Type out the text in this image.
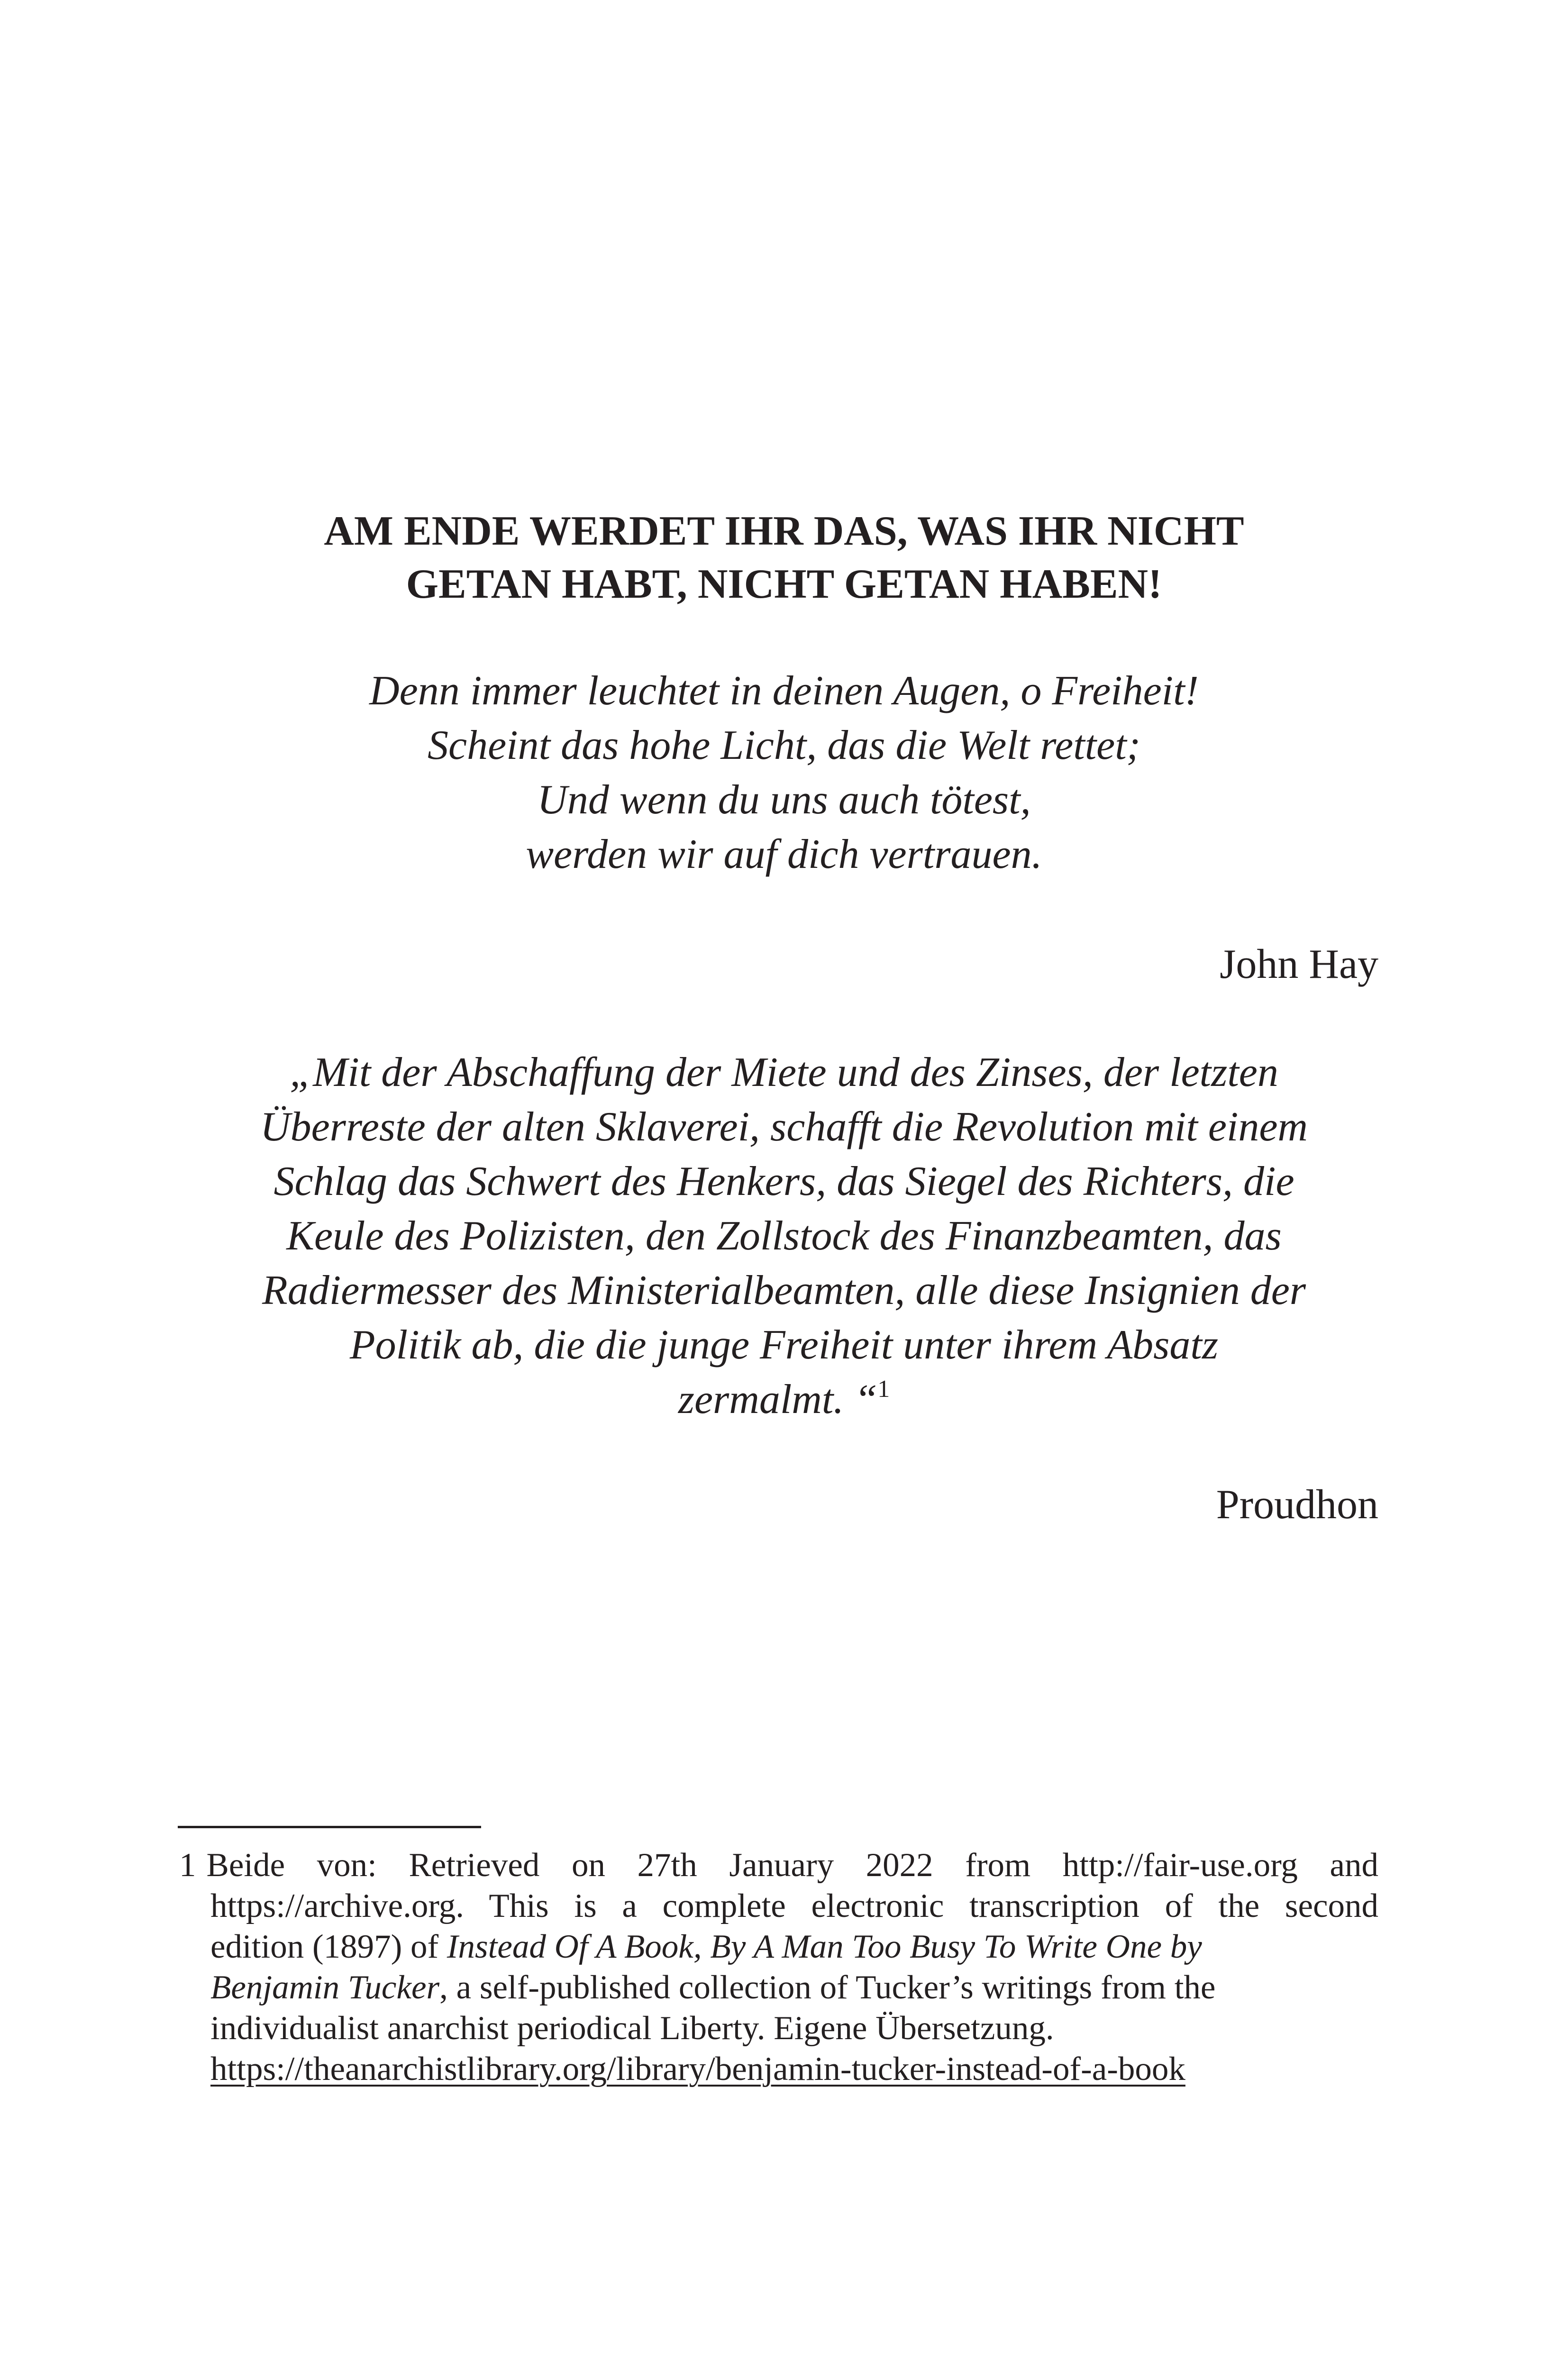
AM ENDE WERDET IHR DAS, WAS IHR NICHT
GETAN HABT, NICHT GETAN HABEN!
Denn immer leuchtet in deinen Augen, o Freiheit!
Scheint das hohe Licht, das die Welt rettet;
Und wenn du uns auch tötest,
werden wir auf dich vertrauen.
John Hay
„Mit der Abschaffung der Miete und des Zinses, der letzten
Überreste der alten Sklaverei, schafft die Revolution mit einem
Schlag das Schwert des Henkers, das Siegel des Richters, die
Keule des Polizisten, den Zollstock des Finanzbeamten, das
Radiermesser des Ministerialbeamten, alle diese Insignien der
Politik ab, die die junge Freiheit unter ihrem Absatz
zermalmt. “$^1$
Proudhon
1 Beide von: Retrieved on 27th January 2022 from http://fair-use.org and
https://archive.org. This is a complete electronic transcription of the second
edition (1897) of Instead Of A Book, By A Man Too Busy To Write One by
Benjamin Tucker, a self-published collection of Tucker’s writings from the
individualist anarchist periodical Liberty. Eigene Übersetzung.
https://theanarchistlibrary.org/library/benjamin-tucker-instead-of-a-book
